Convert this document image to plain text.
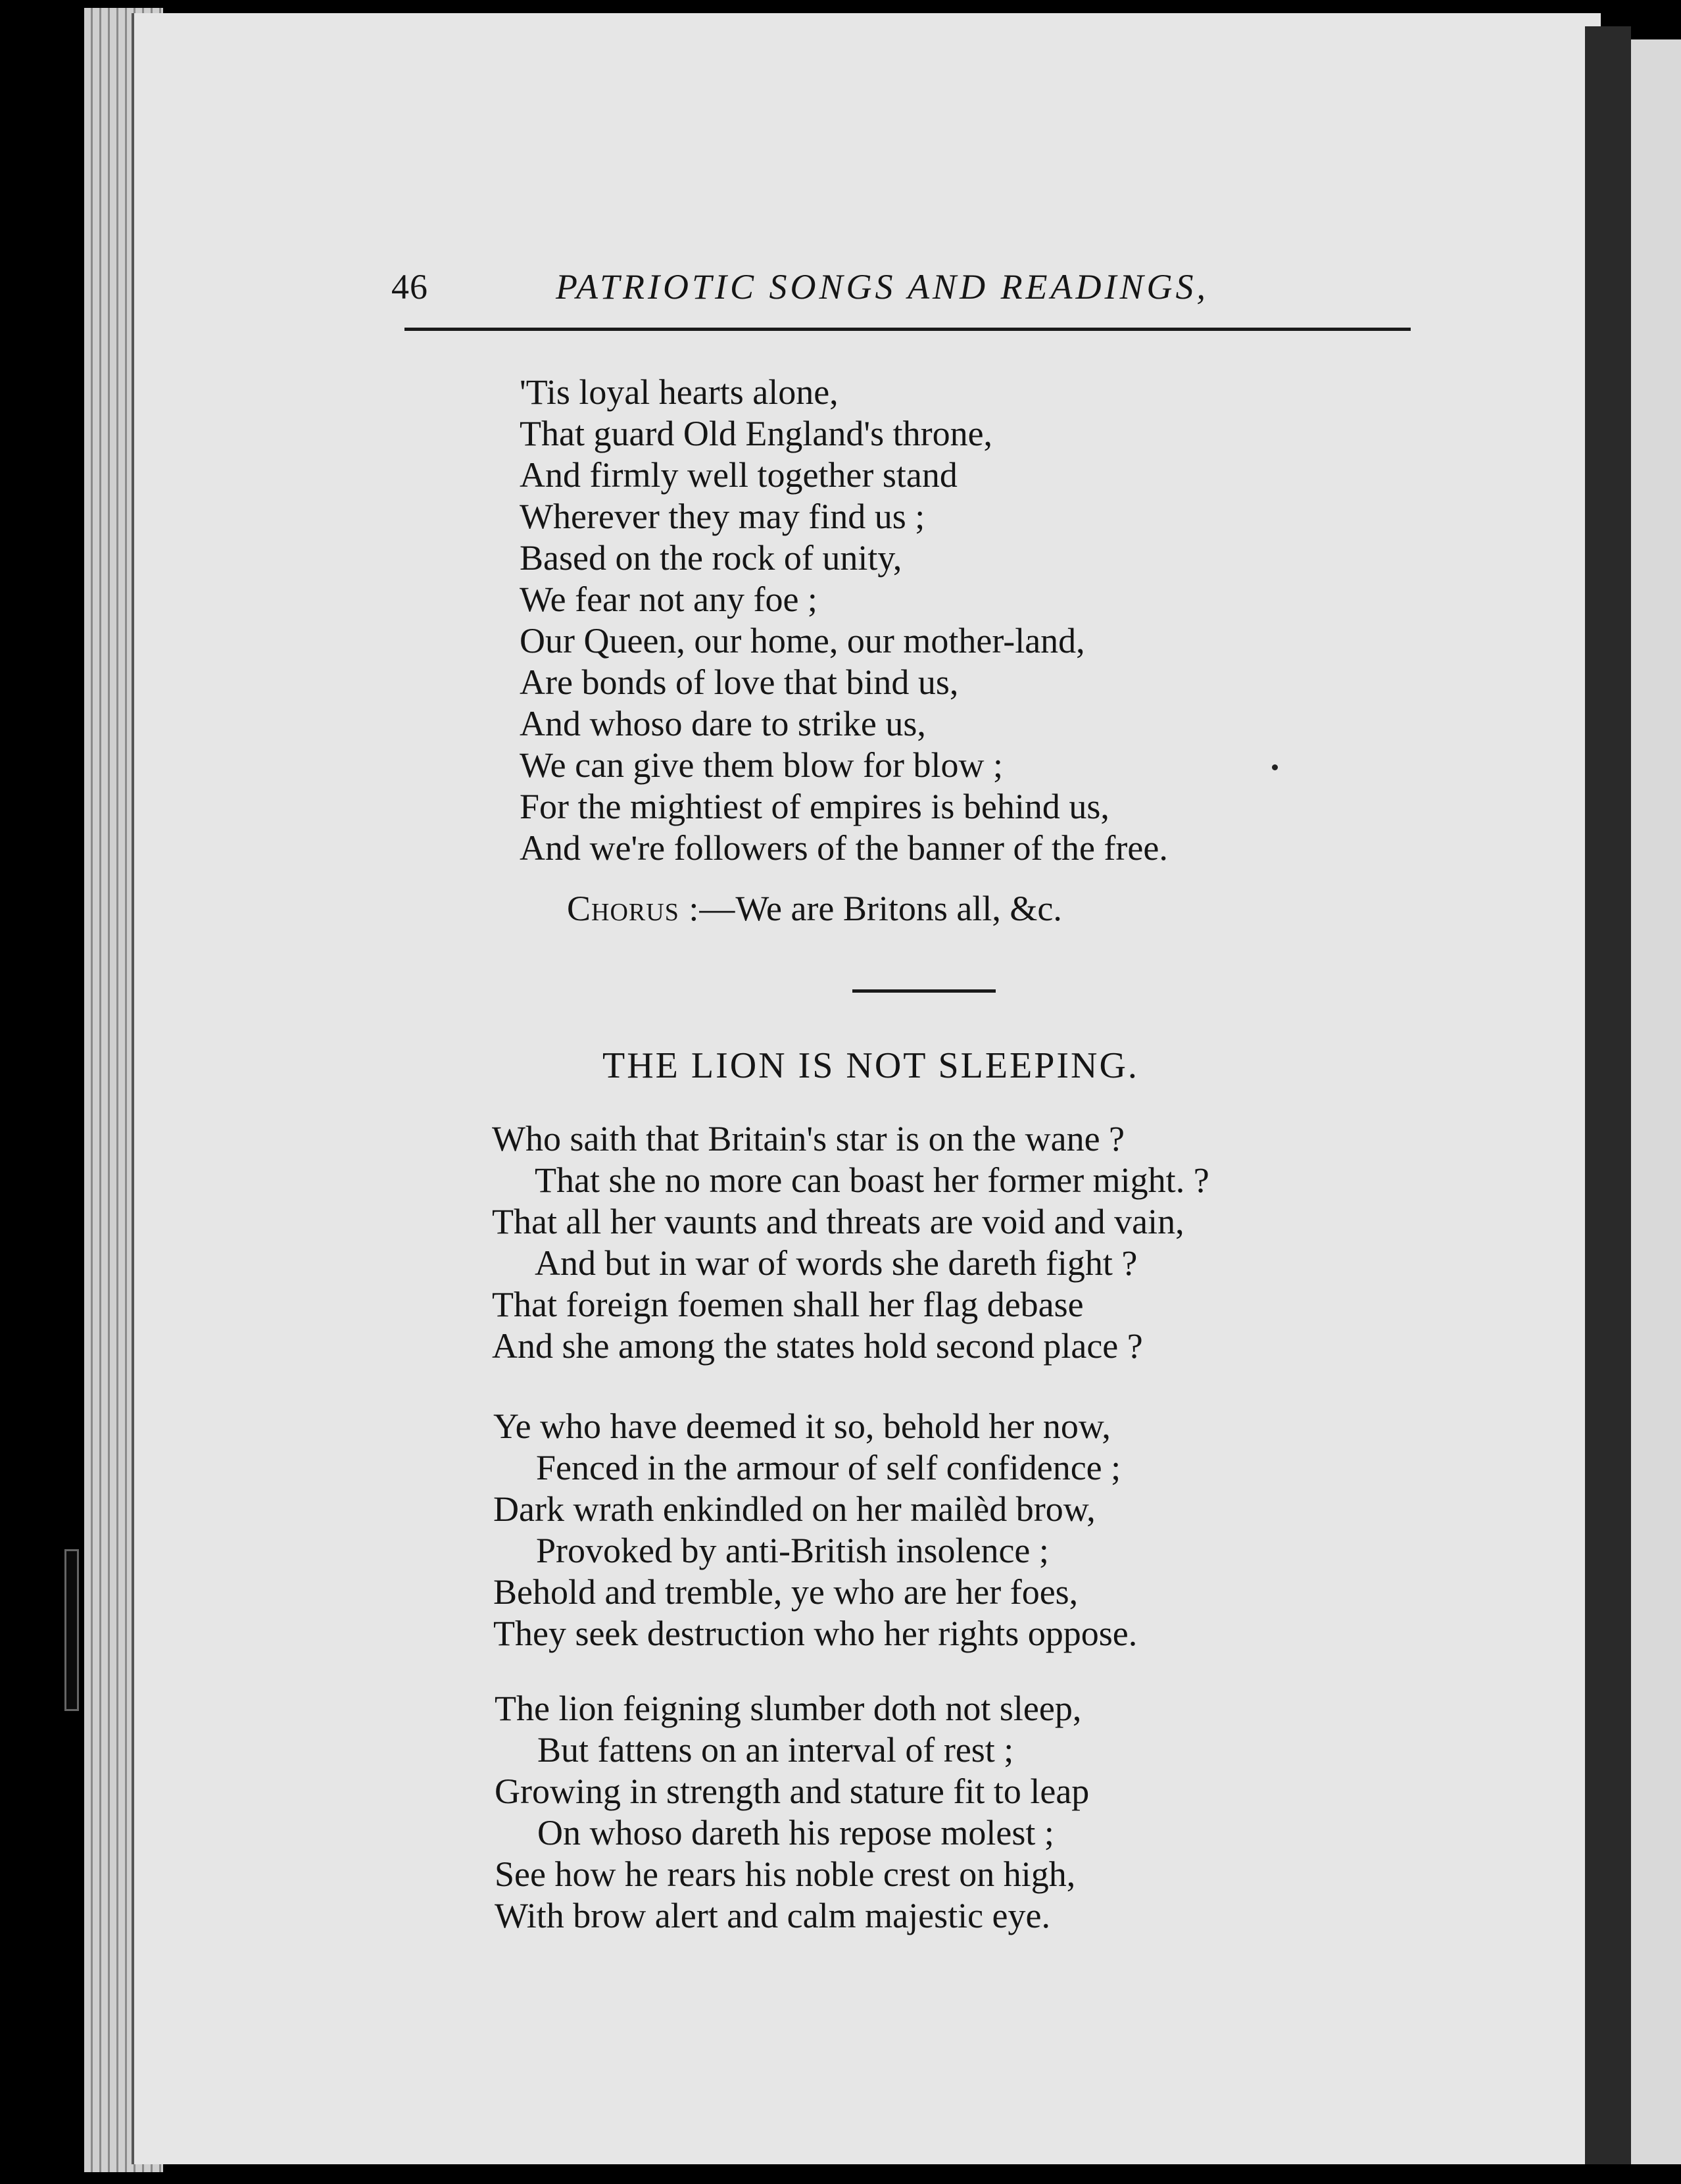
46	PATRIOTIC SONGS AND READINGS,
'Tis loyal hearts alone,
That guard Old England's throne,
And firmly well together stand
Wherever they may find us ;
Based on the rock of unity,
We fear not any foe ;
Our Queen, our home, our mother-land,
Are bonds of love that bind us,
And whoso dare to strike us,
We can give them blow for blow ;
For the mightiest of empires is behind us,
And we're followers of the banner of the free.
Chorus :—We are Britons all, &c.
THE LION IS NOT SLEEPING.
Who saith that Britain's star is on the wane ?
That she no more can boast her former might. ?
That all her vaunts and threats are void and vain,
And but in war of words she dareth fight ?
That foreign foemen shall her flag debase
And she among the states hold second place ?
Ye who have deemed it so, behold her now,
Fenced in the armour of self confidence ;
Dark wrath enkindled on her mailèd brow,
Provoked by anti-British insolence ;
Behold and tremble, ye who are her foes,
They seek destruction who her rights oppose.
The lion feigning slumber doth not sleep,
But fattens on an interval of rest ;
Growing in strength and stature fit to leap
On whoso dareth his repose molest ;
See how he rears his noble crest on high,
With brow alert and calm majestic eye.
